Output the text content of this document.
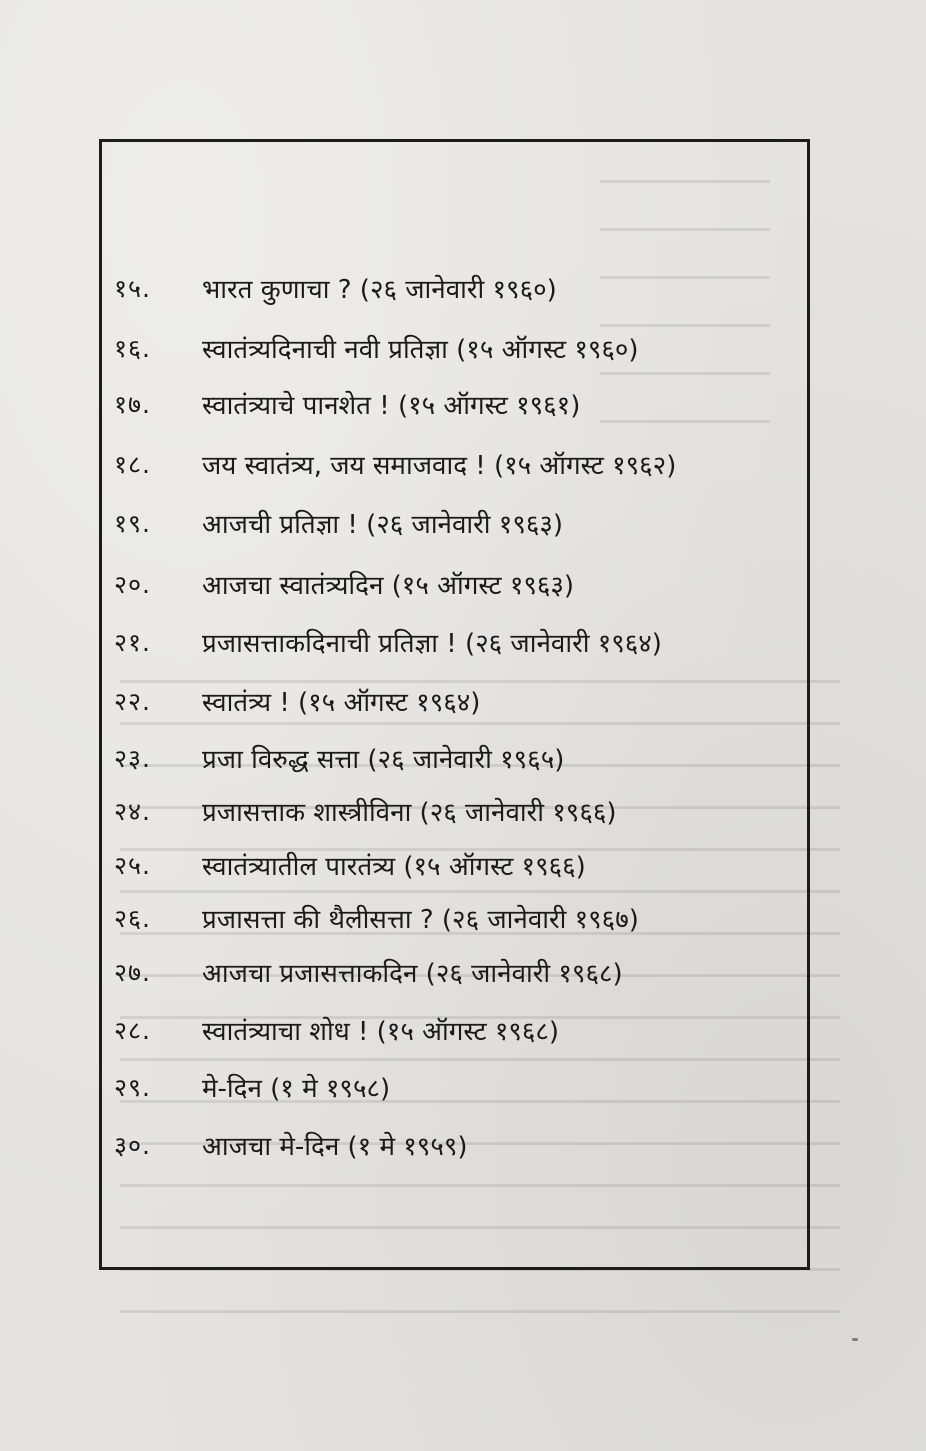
१५.	भारत कुणाचा ? (२६ जानेवारी १९६०)
१६.	स्वातंत्र्यदिनाची नवी प्रतिज्ञा (१५ ऑगस्ट १९६०)
१७.	स्वातंत्र्याचे पानशेत ! (१५ ऑगस्ट १९६१)
१८.	जय स्वातंत्र्य, जय समाजवाद ! (१५ ऑगस्ट १९६२)
१९.	आजची प्रतिज्ञा ! (२६ जानेवारी १९६३)
२०.	आजचा स्वातंत्र्यदिन (१५ ऑगस्ट १९६३)
२१.	प्रजासत्ताकदिनाची प्रतिज्ञा ! (२६ जानेवारी १९६४)
२२.	स्वातंत्र्य ! (१५ ऑगस्ट १९६४)
२३.	प्रजा विरुद्ध सत्ता (२६ जानेवारी १९६५)
२४.	प्रजासत्ताक शास्त्रीविना (२६ जानेवारी १९६६)
२५.	स्वातंत्र्यातील पारतंत्र्य (१५ ऑगस्ट १९६६)
२६.	प्रजासत्ता की थैलीसत्ता ? (२६ जानेवारी १९६७)
२७.	आजचा प्रजासत्ताकदिन (२६ जानेवारी १९६८)
२८.	स्वातंत्र्याचा शोध ! (१५ ऑगस्ट १९६८)
२९.	मे-दिन (१ मे १९५८)
३०.	आजचा मे-दिन (१ मे १९५९)
